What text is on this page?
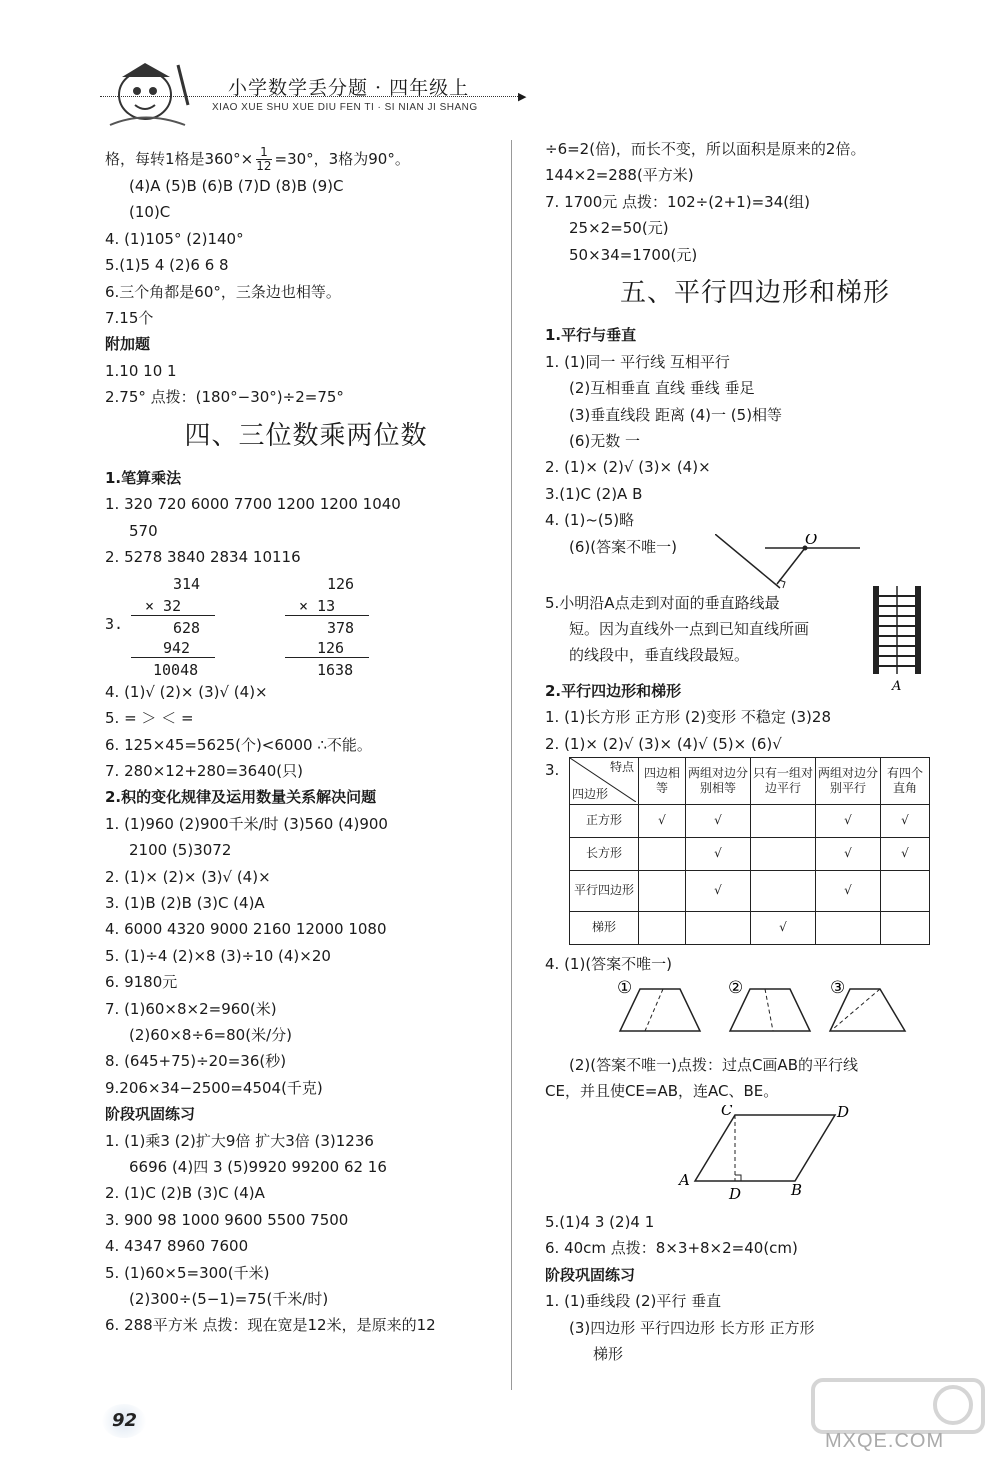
小学数学丢分题 · 四年级上
XIAO XUE SHU XUE DIU FEN TI · SI NIAN JI SHANG
▶
格，每转1格是$360^\circ\times \frac{1}{12} =30^\circ$，3格为90°。
(4)A (5)B (6)B (7)D (8)B (9)C
(10)C
4. (1)105° (2)140°
5.(1)5 4 (2)6 6 8
6.三个角都是60°，三条边也相等。
7.15个
附加题
1.10 10 1
2.75° 点拨：(180°−30°)÷2=75°
四、三位数乘两位数
1.笔算乘法
1. 320 720 6000 7700 1200 1200 1040
570
2. 5278 3840 2834 10116
3.
314
× 32
628
942
10048
126
× 13
378
126
1638
4. (1)√ (2)× (3)√ (4)×
5. = ＞ ＜ =
6. 125×45=5625(个)<6000 ∴不能。
7. 280×12+280=3640(只)
2.积的变化规律及运用数量关系解决问题
1. (1)960 (2)900千米/时 (3)560 (4)900
2100 (5)3072
2. (1)× (2)× (3)√ (4)×
3. (1)B (2)B (3)C (4)A
4. 6000 4320 9000 2160 12000 1080
5. (1)÷4 (2)×8 (3)÷10 (4)×20
6. 9180元
7. (1)60×8×2=960(米)
(2)60×8÷6=80(米/分)
8. (645+75)÷20=36(秒)
9.206×34−2500=4504(千克)
阶段巩固练习
1. (1)乘3 (2)扩大9倍 扩大3倍 (3)1236
6696 (4)四 3 (5)9920 99200 62 16
2. (1)C (2)B (3)C (4)A
3. 900 98 1000 9600 5500 7500
4. 4347 8960 7600
5. (1)60×5=300(千米)
(2)300÷(5−1)=75(千米/时)
6. 288平方米 点拨：现在宽是12米，是原来的12
÷6=2(倍)，而长不变，所以面积是原来的2倍。
144×2=288(平方米)
7. 1700元 点拨：102÷(2+1)=34(组)
25×2=50(元)
50×34=1700(元)
五、平行四边形和梯形
1.平行与垂直
1. (1)同一 平行线 互相平行
(2)互相垂直 直线 垂线 垂足
(3)垂直线段 距离 (4)一 (5)相等
(6)无数 一
2. (1)× (2)√ (3)× (4)×
3.(1)C (2)A B
4. (1)~(5)略
(6)(答案不唯一)	O
5.小明沿A点走到对面的垂直路线最
短。因为直线外一点到已知直线所画
的线段中，垂直线段最短。
A
2.平行四边形和梯形
1. (1)长方形 正方形 (2)变形 不稳定 (3)28
2. (1)× (2)√ (3)× (4)√ (5)× (6)√
3.	特点
四边形	四边相等	两组对边分别相等	只有一组对边平行	两组对边分别平行	有四个直角
正方形	√	√		√	√
长方形		√		√	√
平行四边形		√		√	
梯形			√		
4. (1)(答案不唯一)
①	②	③
(2)(答案不唯一)点拨：过点C画AB的平行线
CE，并且使CE=AB，连AC、BE。
C	D
A
D	B
5.(1)4 3 (2)4 1
6. 40cm 点拨：8×3+8×2=40(cm)
阶段巩固练习
1. (1)垂线段 (2)平行 垂直
(3)四边形 平行四边形 长方形 正方形
梯形
92
MXQE.COM
